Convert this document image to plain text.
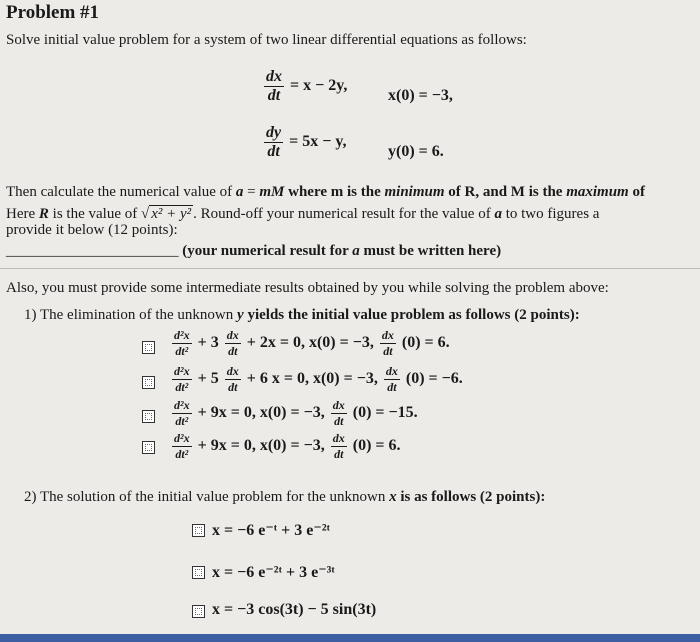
Problem #1
Solve initial value problem for a system of two linear differential equations as follows:
$\frac{dx}{dt} = x - 2y$,
x(0) = −3,
$\frac{dy}{dt} = 5x - y$,
y(0) = 6.
Then calculate the numerical value of a = mM where m is the minimum of R, and M is the maximum of
Here R is the value of √ x² + y² . Round-off your numerical result for the value of a to two figures a
provide it below (12 points):
_______________________ (your numerical result for a must be written here)
Also, you must provide some intermediate results obtained by you while solving the problem above:
1) The elimination of the unknown y yields the initial value problem as follows (2 points):
$\frac{\text{d²x}}{\text{dt²}} + 3 \frac{dx}{dt} + 2x = 0$, x(0) = −3, $\frac{dx}{dt} (0) = 6$.
$\frac{\text{d²x}}{\text{dt²}} + 5 \frac{dx}{dt} + 6$ x = 0, x(0) = −3, $\frac{dx}{dt} (0) = -6$.
$\frac{\text{d²x}}{\text{dt²}} + 9x = 0$, x(0) = −3, $\frac{dx}{dt} (0) = -15$.
$\frac{\text{d²x}}{\text{dt²}} + 9x = 0$, x(0) = −3, $\frac{dx}{dt} (0) = 6$.
2) The solution of the initial value problem for the unknown x is as follows (2 points):
x = −6 e⁻ᵗ + 3 e⁻²ᵗ
x = −6 e⁻²ᵗ + 3 e⁻³ᵗ
x = −3 cos(3t) − 5 sin(3t)
